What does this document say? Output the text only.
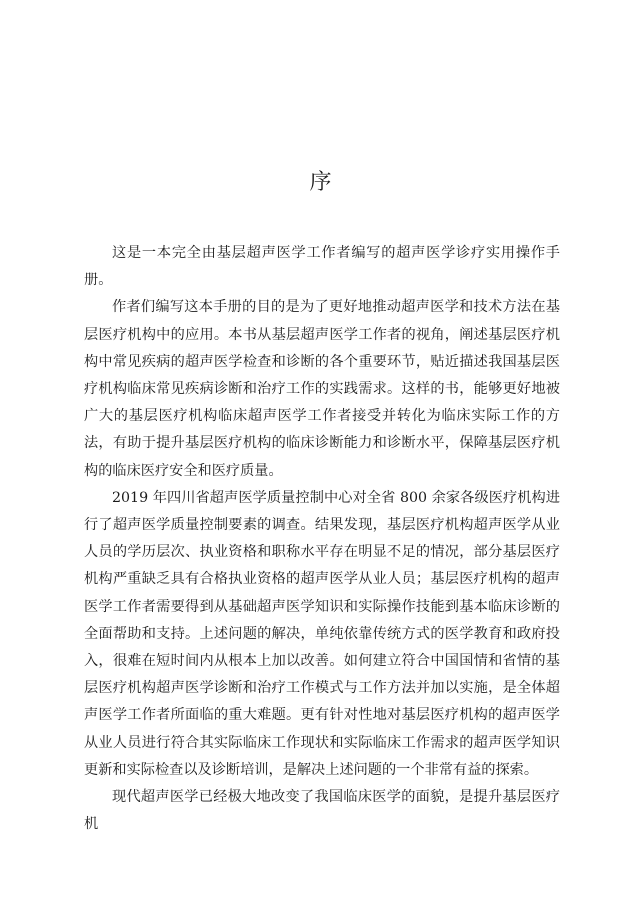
序

这是一本完全由基层超声医学工作者编写的超声医学诊疗实用操作手册。

作者们编写这本手册的目的是为了更好地推动超声医学和技术方法在基层医疗机构中的应用。本书从基层超声医学工作者的视角，阐述基层医疗机构中常见疾病的超声医学检查和诊断的各个重要环节，贴近描述我国基层医疗机构临床常见疾病诊断和治疗工作的实践需求。这样的书，能够更好地被广大的基层医疗机构临床超声医学工作者接受并转化为临床实际工作的方法，有助于提升基层医疗机构的临床诊断能力和诊断水平，保障基层医疗机构的临床医疗安全和医疗质量。

2019 年四川省超声医学质量控制中心对全省 800 余家各级医疗机构进行了超声医学质量控制要素的调查。结果发现，基层医疗机构超声医学从业人员的学历层次、执业资格和职称水平存在明显不足的情况，部分基层医疗机构严重缺乏具有合格执业资格的超声医学从业人员；基层医疗机构的超声医学工作者需要得到从基础超声医学知识和实际操作技能到基本临床诊断的全面帮助和支持。上述问题的解决，单纯依靠传统方式的医学教育和政府投入，很难在短时间内从根本上加以改善。如何建立符合中国国情和省情的基层医疗机构超声医学诊断和治疗工作模式与工作方法并加以实施，是全体超声医学工作者所面临的重大难题。更有针对性地对基层医疗机构的超声医学从业人员进行符合其实际临床工作现状和实际临床工作需求的超声医学知识更新和实际检查以及诊断培训，是解决上述问题的一个非常有益的探索。

现代超声医学已经极大地改变了我国临床医学的面貌，是提升基层医疗机
